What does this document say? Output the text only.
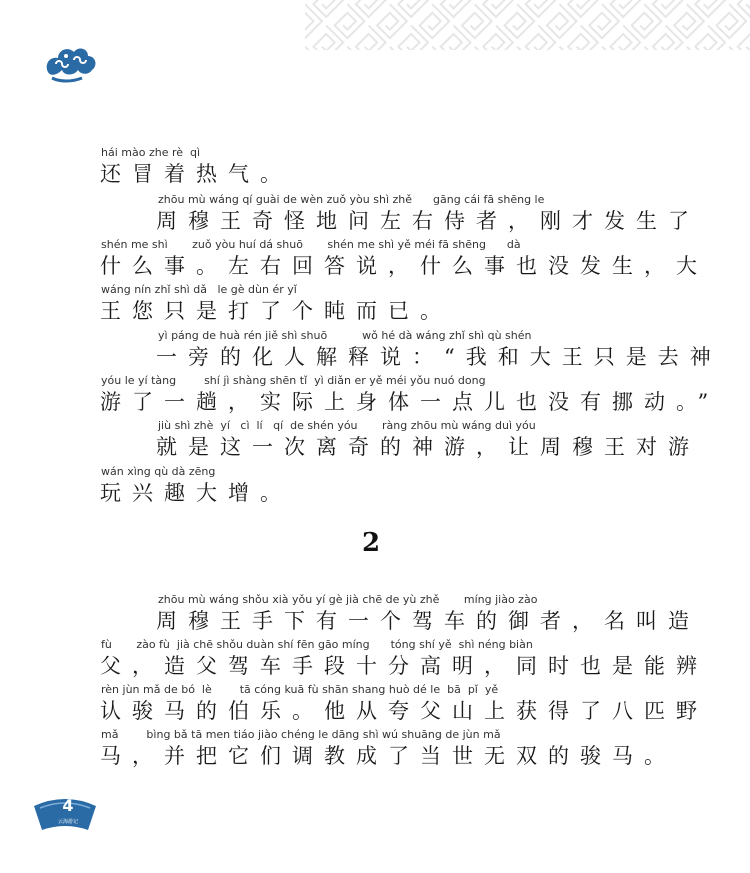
hái mào zhe rè  qì
还冒着热气。
zhōu mù wáng qí guài de wèn zuǒ yòu shì zhě      gāng cái fā shēng le
周穆王奇怪地问左右侍者，刚才发生了
shén me shì       zuǒ yòu huí dá shuō       shén me shì yě méi fā shēng      dà
什么事。左右回答说，什么事也没发生，大
wáng nín zhǐ shì dǎ   le gè dùn ér yǐ
王您只是打了个盹而已。
yì páng de huà rén jiě shì shuō          wǒ hé dà wáng zhǐ shì qù shén
一旁的化人解释说：“我和大王只是去神
yóu le yí tàng        shí jì shàng shēn tǐ  yì diǎn er yě méi yǒu nuó dong
游了一趟，实际上身体一点儿也没有挪动。”
jiù shì zhè  yí   cì  lí   qí  de shén yóu       ràng zhōu mù wáng duì yóu
就是这一次离奇的神游，让周穆王对游
wán xìng qù dà zēng
玩兴趣大增。
2
zhōu mù wáng shǒu xià yǒu yí gè jià chē de yù zhě       míng jiào zào
周穆王手下有一个驾车的御者，名叫造
fù       zào fù  jià chē shǒu duàn shí fēn gāo míng      tóng shí yě  shì néng biàn
父，造父驾车手段十分高明，同时也是能辨
rèn jùn mǎ de bó  lè        tā cóng kuā fù shān shang huò dé le  bā  pǐ  yě
认骏马的伯乐。他从夸父山上获得了八匹野
mǎ        bìng bǎ tā men tiáo jiào chéng le dāng shì wú shuāng de jùn mǎ
马，并把它们调教成了当世无双的骏马。
4
云海游记
